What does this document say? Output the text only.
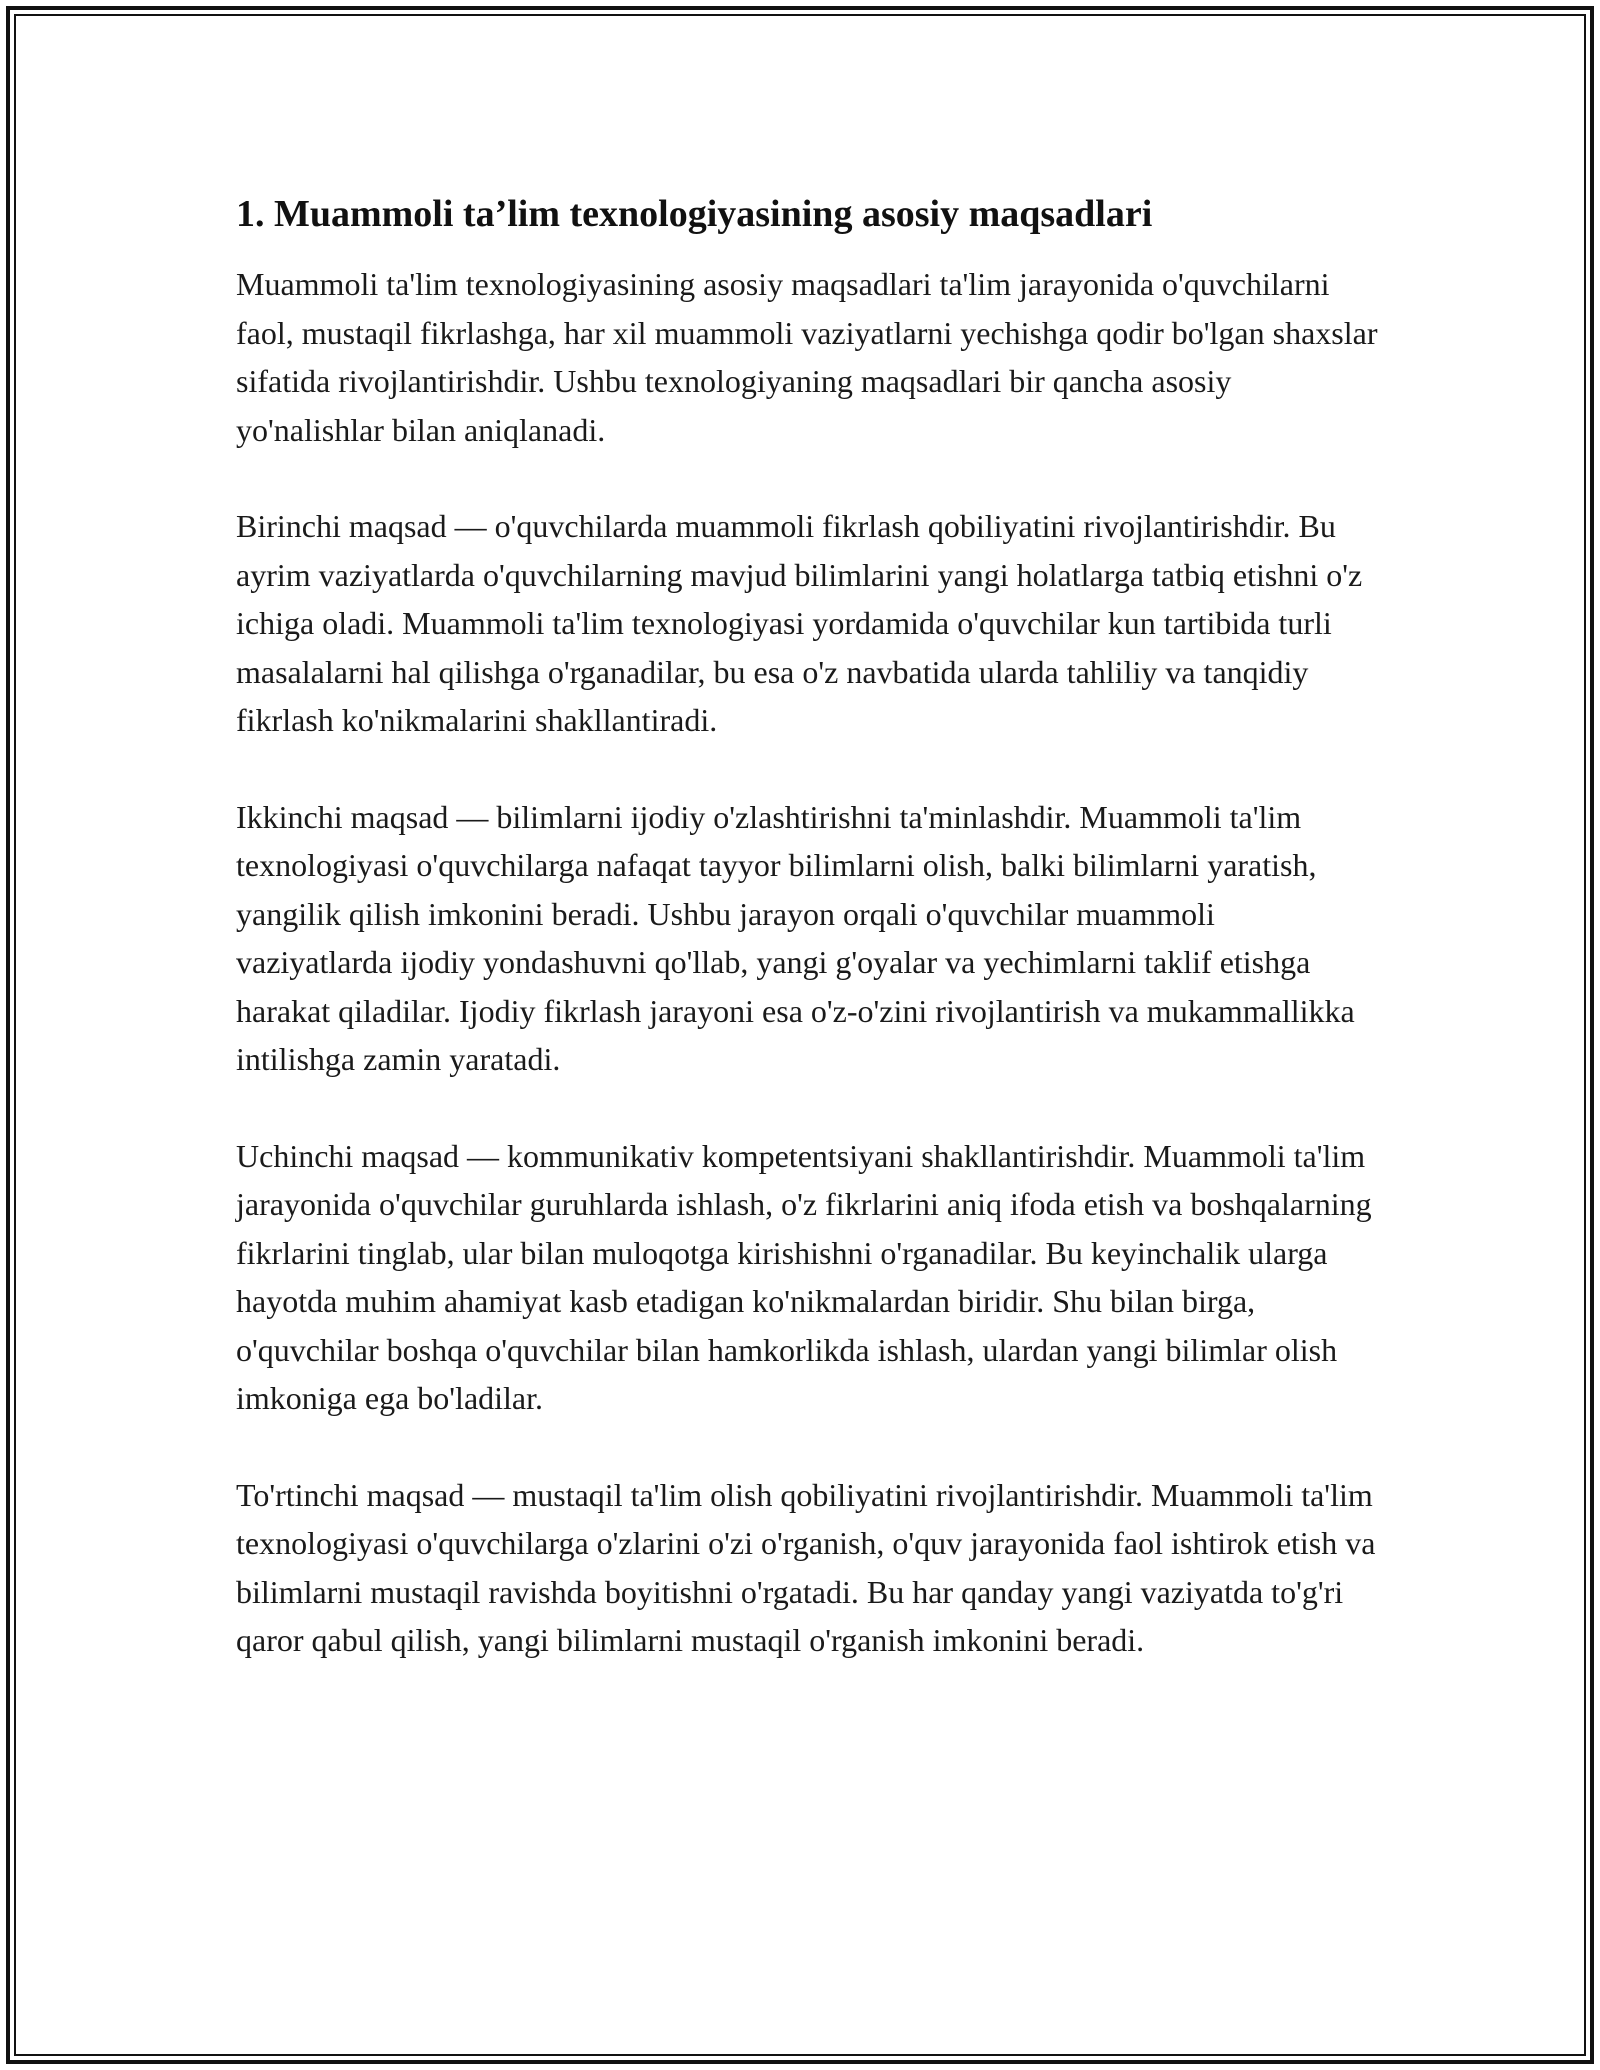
1. Muammoli ta’lim texnologiyasining asosiy maqsadlari

Muammoli ta'lim texnologiyasining asosiy maqsadlari ta'lim jarayonida o'quvchilarni faol, mustaqil fikrlashga, har xil muammoli vaziyatlarni yechishga qodir bo'lgan shaxslar sifatida rivojlantirishdir. Ushbu texnologiyaning maqsadlari bir qancha asosiy yo'nalishlar bilan aniqlanadi.

Birinchi maqsad — o'quvchilarda muammoli fikrlash qobiliyatini rivojlantirishdir. Bu ayrim vaziyatlarda o'quvchilarning mavjud bilimlarini yangi holatlarga tatbiq etishni o'z ichiga oladi. Muammoli ta'lim texnologiyasi yordamida o'quvchilar kun tartibida turli masalalarni hal qilishga o'rganadilar, bu esa o'z navbatida ularda tahliliy va tanqidiy fikrlash ko'nikmalarini shakllantiradi.

Ikkinchi maqsad — bilimlarni ijodiy o'zlashtirishni ta'minlashdir. Muammoli ta'lim texnologiyasi o'quvchilarga nafaqat tayyor bilimlarni olish, balki bilimlarni yaratish, yangilik qilish imkonini beradi. Ushbu jarayon orqali o'quvchilar muammoli vaziyatlarda ijodiy yondashuvni qo'llab, yangi g'oyalar va yechimlarni taklif etishga harakat qiladilar. Ijodiy fikrlash jarayoni esa o'z-o'zini rivojlantirish va mukammallikka intilishga zamin yaratadi.

Uchinchi maqsad — kommunikativ kompetentsiyani shakllantirishdir. Muammoli ta'lim jarayonida o'quvchilar guruhlarda ishlash, o'z fikrlarini aniq ifoda etish va boshqalarning fikrlarini tinglab, ular bilan muloqotga kirishishni o'rganadilar. Bu keyinchalik ularga hayotda muhim ahamiyat kasb etadigan ko'nikmalardan biridir. Shu bilan birga, o'quvchilar boshqa o'quvchilar bilan hamkorlikda ishlash, ulardan yangi bilimlar olish imkoniga ega bo'ladilar.

To'rtinchi maqsad — mustaqil ta'lim olish qobiliyatini rivojlantirishdir. Muammoli ta'lim texnologiyasi o'quvchilarga o'zlarini o'zi o'rganish, o'quv jarayonida faol ishtirok etish va bilimlarni mustaqil ravishda boyitishni o'rgatadi. Bu har qanday yangi vaziyatda to'g'ri qaror qabul qilish, yangi bilimlarni mustaqil o'rganish imkonini beradi.
